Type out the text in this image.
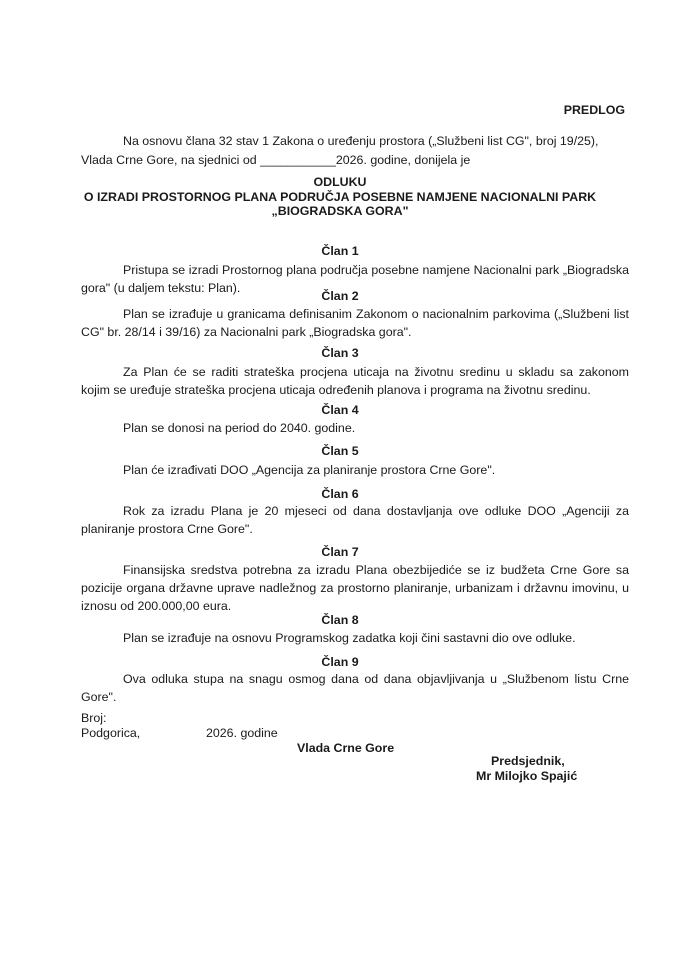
PREDLOG

Na osnovu člana 32 stav 1 Zakona o uređenju prostora („Službeni list CG", broj 19/25),

Vlada Crne Gore, na sjednici od ___________2026. godine, donijela je

ODLUKU
O IZRADI PROSTORNOG PLANA PODRUČJA POSEBNE NAMJENE NACIONALNI PARK
„BIOGRADSKA GORA"
Član 1

Pristupa se izradi Prostornog plana područja posebne namjene Nacionalni park „Biogradska gora" (u daljem tekstu: Plan).

Član 2

Plan se izrađuje u granicama definisanim Zakonom o nacionalnim parkovima („Službeni list CG" br. 28/14 i 39/16) za Nacionalni park „Biogradska gora".

Član 3

Za Plan će se raditi strateška procjena uticaja na životnu sredinu u skladu sa zakonom kojim se uređuje strateška procjena uticaja određenih planova i programa na životnu sredinu.

Član 4

Plan se donosi na period do 2040. godine.

Član 5

Plan će izrađivati DOO „Agencija za planiranje prostora Crne Gore".

Član 6

Rok za izradu Plana je 20 mjeseci od dana dostavljanja ove odluke DOO „Agenciji za planiranje prostora Crne Gore".

Član 7

Finansijska sredstva potrebna za izradu Plana obezbijediće se iz budžeta Crne Gore sa pozicije organa državne uprave nadležnog za prostorno planiranje, urbanizam i državnu imovinu, u iznosu od 200.000,00 eura.

Član 8

Plan se izrađuje na osnovu Programskog zadatka koji čini sastavni dio ove odluke.

Član 9

Ova odluka stupa na snagu osmog dana od dana objavljivanja u „Službenom listu Crne Gore".

Broj:
Podgorica,	2026. godine
Vlada Crne Gore
Predsjednik,
Mr Milojko Spajić
